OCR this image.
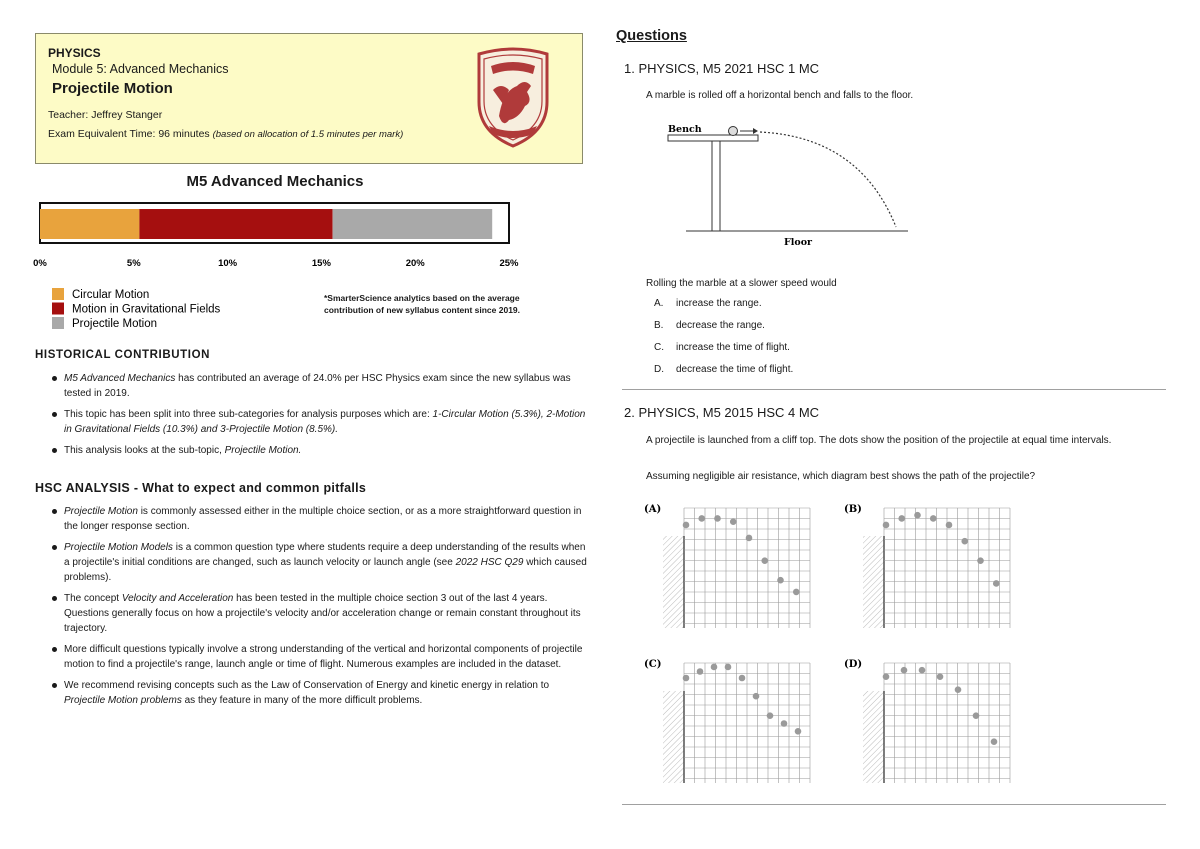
PHYSICS
Module 5: Advanced Mechanics
Projectile Motion
Teacher: Jeffrey Stanger
Exam Equivalent Time: 96 minutes (based on allocation of 1.5 minutes per mark)
M5 Advanced Mechanics
0%	5%	10%	15%	20%	25%
Circular Motion
Motion in Gravitational Fields
Projectile Motion
*SmarterScience analytics based on the average contribution of new syllabus content since 2019.
HISTORICAL CONTRIBUTION
M5 Advanced Mechanics has contributed an average of 24.0% per HSC Physics exam since the new syllabus was tested in 2019.
This topic has been split into three sub-categories for analysis purposes which are: 1-Circular Motion (5.3%), 2-Motion in Gravitational Fields (10.3%) and 3-Projectile Motion (8.5%).
This analysis looks at the sub-topic, Projectile Motion.
HSC ANALYSIS - What to expect and common pitfalls
Projectile Motion is commonly assessed either in the multiple choice section, or as a more straightforward question in the longer response section.
Projectile Motion Models is a common question type where students require a deep understanding of the results when a projectile's initial conditions are changed, such as launch velocity or launch angle (see 2022 HSC Q29 which caused problems).
The concept Velocity and Acceleration has been tested in the multiple choice section 3 out of the last 4 years. Questions generally focus on how a projectile's velocity and/or acceleration change or remain constant throughout its trajectory.
More difficult questions typically involve a strong understanding of the vertical and horizontal components of projectile motion to find a projectile's range, launch angle or time of flight. Numerous examples are included in the dataset.
We recommend revising concepts such as the Law of Conservation of Energy and kinetic energy in relation to Projectile Motion problems as they feature in many of the more difficult problems.
Questions
1. PHYSICS, M5 2021 HSC 1 MC
A marble is rolled off a horizontal bench and falls to the floor.
Bench
Floor
Rolling the marble at a slower speed would
A. increase the range.
B. decrease the range.
C. increase the time of flight.
D. decrease the time of flight.
2. PHYSICS, M5 2015 HSC 4 MC
A projectile is launched from a cliff top. The dots show the position of the projectile at equal time intervals.
Assuming negligible air resistance, which diagram best shows the path of the projectile?
(A)	(B)
(C)	(D)
